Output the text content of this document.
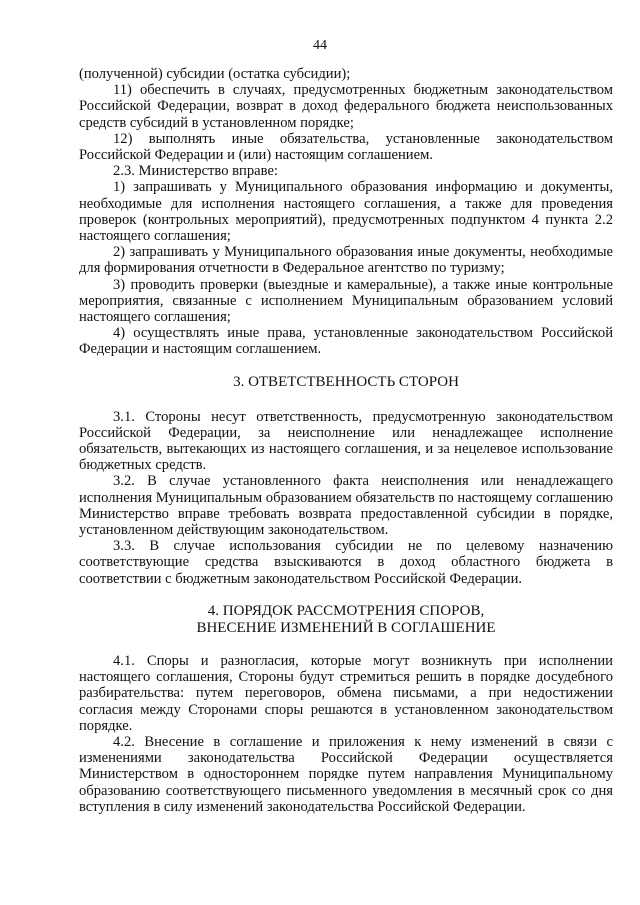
44

(полученной) субсидии (остатка субсидии);

11) обеспечить в случаях, предусмотренных бюджетным законодательством Российской Федерации, возврат в доход федерального бюджета неиспользованных средств субсидий в установленном порядке;

12) выполнять иные обязательства, установленные законодательством Российской Федерации и (или) настоящим соглашением.

2.3. Министерство вправе:

1) запрашивать у Муниципального образования информацию и документы, необходимые для исполнения настоящего соглашения, а также для проведения проверок (контрольных мероприятий), предусмотренных подпунктом 4 пункта 2.2 настоящего соглашения;

2) запрашивать у Муниципального образования иные документы, необходимые для формирования отчетности в Федеральное агентство по туризму;

3) проводить проверки (выездные и камеральные), а также иные контрольные мероприятия, связанные с исполнением Муниципальным образованием условий настоящего соглашения;

4) осуществлять иные права, установленные законодательством Российской Федерации и настоящим соглашением.

3. ОТВЕТСТВЕННОСТЬ СТОРОН

3.1. Стороны несут ответственность, предусмотренную законодательством Российской Федерации, за неисполнение или ненадлежащее исполнение обязательств, вытекающих из настоящего соглашения, и за нецелевое использование бюджетных средств.

3.2. В случае установленного факта неисполнения или ненадлежащего исполнения Муниципальным образованием обязательств по настоящему соглашению Министерство вправе требовать возврата предоставленной субсидии в порядке, установленном действующим законодательством.

3.3. В случае использования субсидии не по целевому назначению соответствующие средства взыскиваются в доход областного бюджета в соответствии с бюджетным законодательством Российской Федерации.

4. ПОРЯДОК РАССМОТРЕНИЯ СПОРОВ,
ВНЕСЕНИЕ ИЗМЕНЕНИЙ В СОГЛАШЕНИЕ

4.1. Споры и разногласия, которые могут возникнуть при исполнении настоящего соглашения, Стороны будут стремиться решить в порядке досудебного разбирательства: путем переговоров, обмена письмами, а при недостижении согласия между Сторонами споры решаются в установленном законодательством порядке.

4.2. Внесение в соглашение и приложения к нему изменений в связи с изменениями законодательства Российской Федерации осуществляется Министерством в одностороннем порядке путем направления Муниципальному образованию соответствующего письменного уведомления в месячный срок со дня вступления в силу изменений законодательства Российской Федерации.
